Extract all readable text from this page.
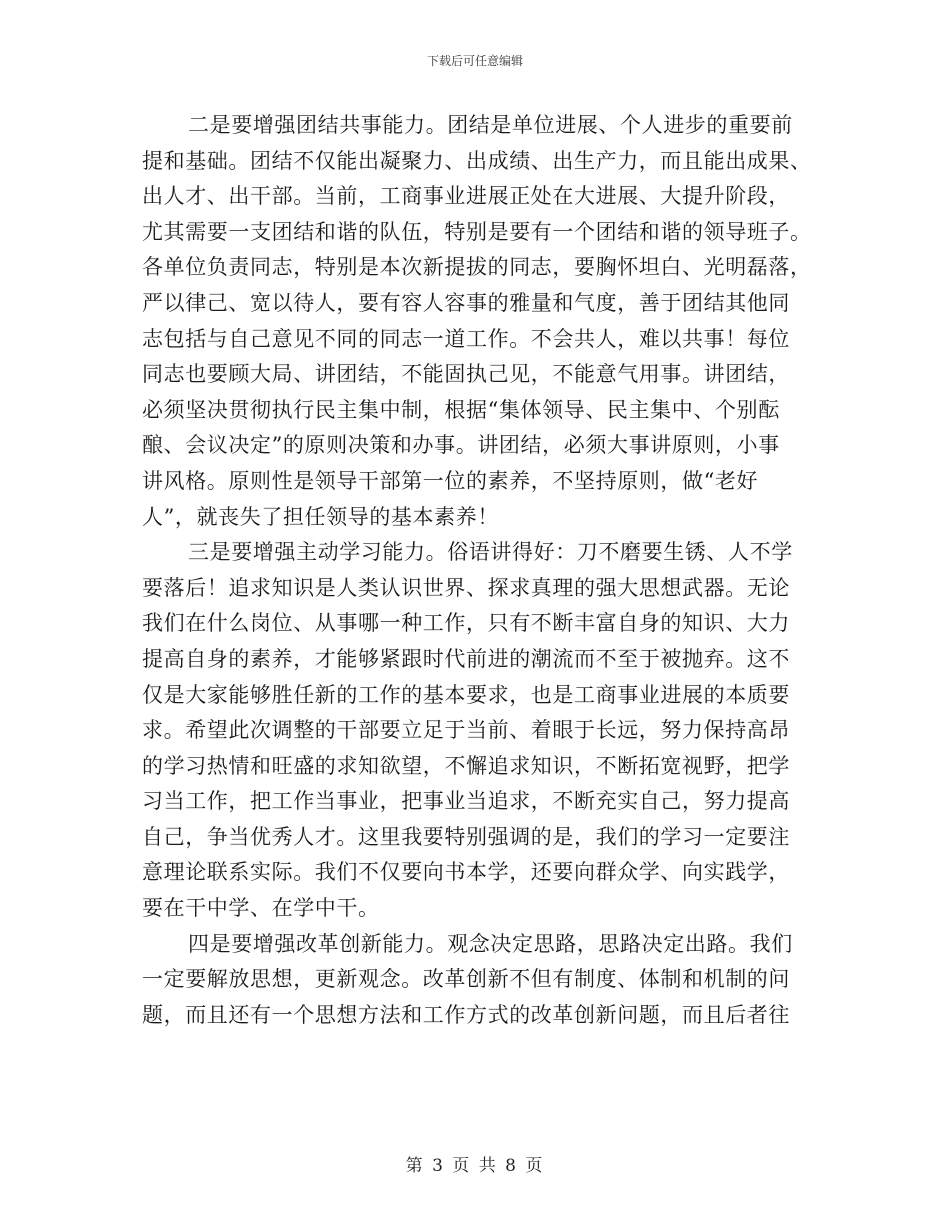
下载后可任意编辑
二是要增强团结共事能力。团结是单位进展、个人进步的重要前
提和基础。团结不仅能出凝聚力、出成绩、出生产力，而且能出成果、
出人才、出干部。当前，工商事业进展正处在大进展、大提升阶段，
尤其需要一支团结和谐的队伍，特别是要有一个团结和谐的领导班子。
各单位负责同志，特别是本次新提拔的同志，要胸怀坦白、光明磊落，
严以律己、宽以待人，要有容人容事的雅量和气度，善于团结其他同
志包括与自己意见不同的同志一道工作。不会共人，难以共事！每位
同志也要顾大局、讲团结，不能固执己见，不能意气用事。讲团结，
必须坚决贯彻执行民主集中制，根据“集体领导、民主集中、个别酝
酿、会议决定”的原则决策和办事。讲团结，必须大事讲原则，小事
讲风格。原则性是领导干部第一位的素养，不坚持原则，做“老好
人”，就丧失了担任领导的基本素养！
三是要增强主动学习能力。俗语讲得好：刀不磨要生锈、人不学
要落后！追求知识是人类认识世界、探求真理的强大思想武器。无论
我们在什么岗位、从事哪一种工作，只有不断丰富自身的知识、大力
提高自身的素养，才能够紧跟时代前进的潮流而不至于被抛弃。这不
仅是大家能够胜任新的工作的基本要求，也是工商事业进展的本质要
求。希望此次调整的干部要立足于当前、着眼于长远，努力保持高昂
的学习热情和旺盛的求知欲望，不懈追求知识，不断拓宽视野，把学
习当工作，把工作当事业，把事业当追求，不断充实自己，努力提高
自己，争当优秀人才。这里我要特别强调的是，我们的学习一定要注
意理论联系实际。我们不仅要向书本学，还要向群众学、向实践学，
要在干中学、在学中干。
四是要增强改革创新能力。观念决定思路，思路决定出路。我们
一定要解放思想，更新观念。改革创新不但有制度、体制和机制的问
题，而且还有一个思想方法和工作方式的改革创新问题，而且后者往
第 3 页 共 8 页
